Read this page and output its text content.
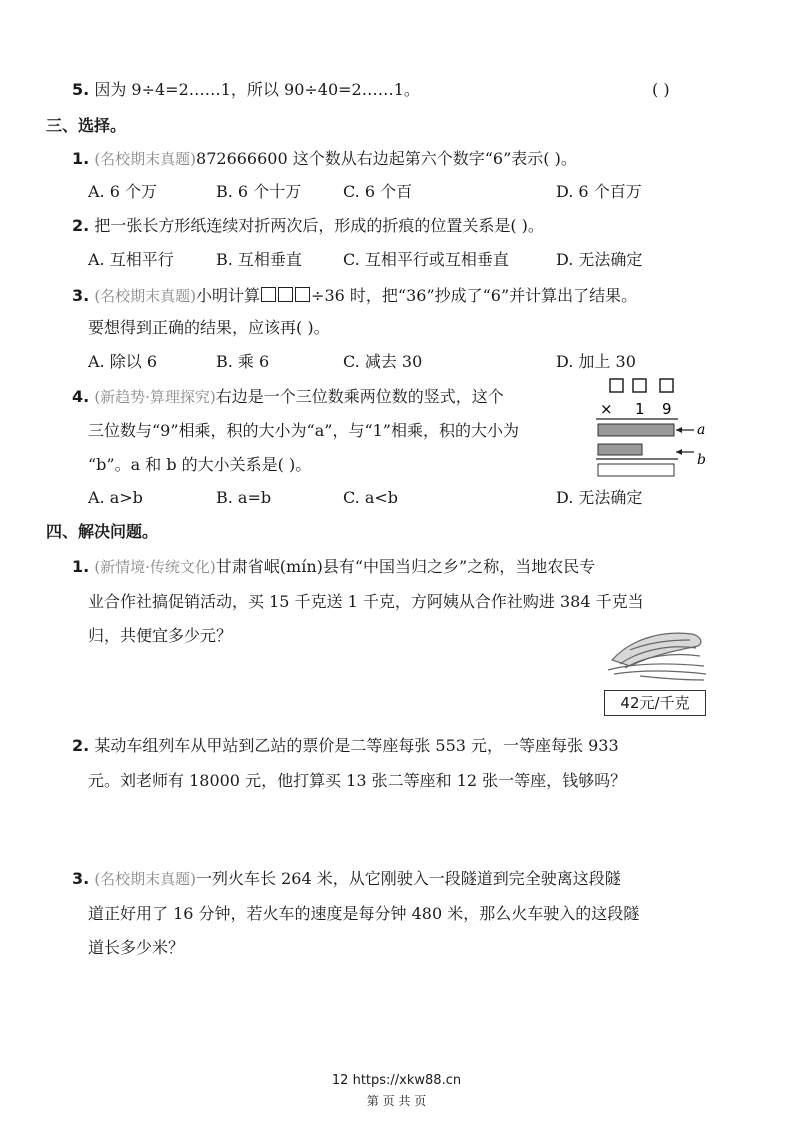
5. 因为 9÷4=2……1，所以 90÷40=2……1。	( )
三、选择。
1. (名校期末真题)872666600 这个数从右边起第六个数字“6”表示( )。
A. 6 个万	B. 6 个十万	C. 6 个百	D. 6 个百万
2. 把一张长方形纸连续对折两次后，形成的折痕的位置关系是( )。
A. 互相平行	B. 互相垂直	C. 互相平行或互相垂直	D. 无法确定
3. (名校期末真题)小明计算	÷36 时，把“36”抄成了“6”并计算出了结果。
要想得到正确的结果，应该再( )。
A. 除以 6	B. 乘 6	C. 减去 30	D. 加上 30
4. (新趋势·算理探究)右边是一个三位数乘两位数的竖式，这个
三位数与“9”相乘，积的大小为“a”，与“1”相乘，积的大小为
“b”。a 和 b 的大小关系是( )。
× 1 9
a
b
A. a>b	B. a=b	C. a<b	D. 无法确定
四、解决问题。
1. (新情境·传统文化)甘肃省岷(mín)县有“中国当归之乡”之称，当地农民专
业合作社搞促销活动，买 15 千克送 1 千克，方阿姨从合作社购进 384 千克当
归，共便宜多少元？
42元/千克
2. 某动车组列车从甲站到乙站的票价是二等座每张 553 元，一等座每张 933
元。刘老师有 18000 元，他打算买 13 张二等座和 12 张一等座，钱够吗？
3. (名校期末真题)一列火车长 264 米，从它刚驶入一段隧道到完全驶离这段隧
道正好用了 16 分钟，若火车的速度是每分钟 480 米，那么火车驶入的这段隧
道长多少米？
12 https://xkw88.cn
第 页 共 页
